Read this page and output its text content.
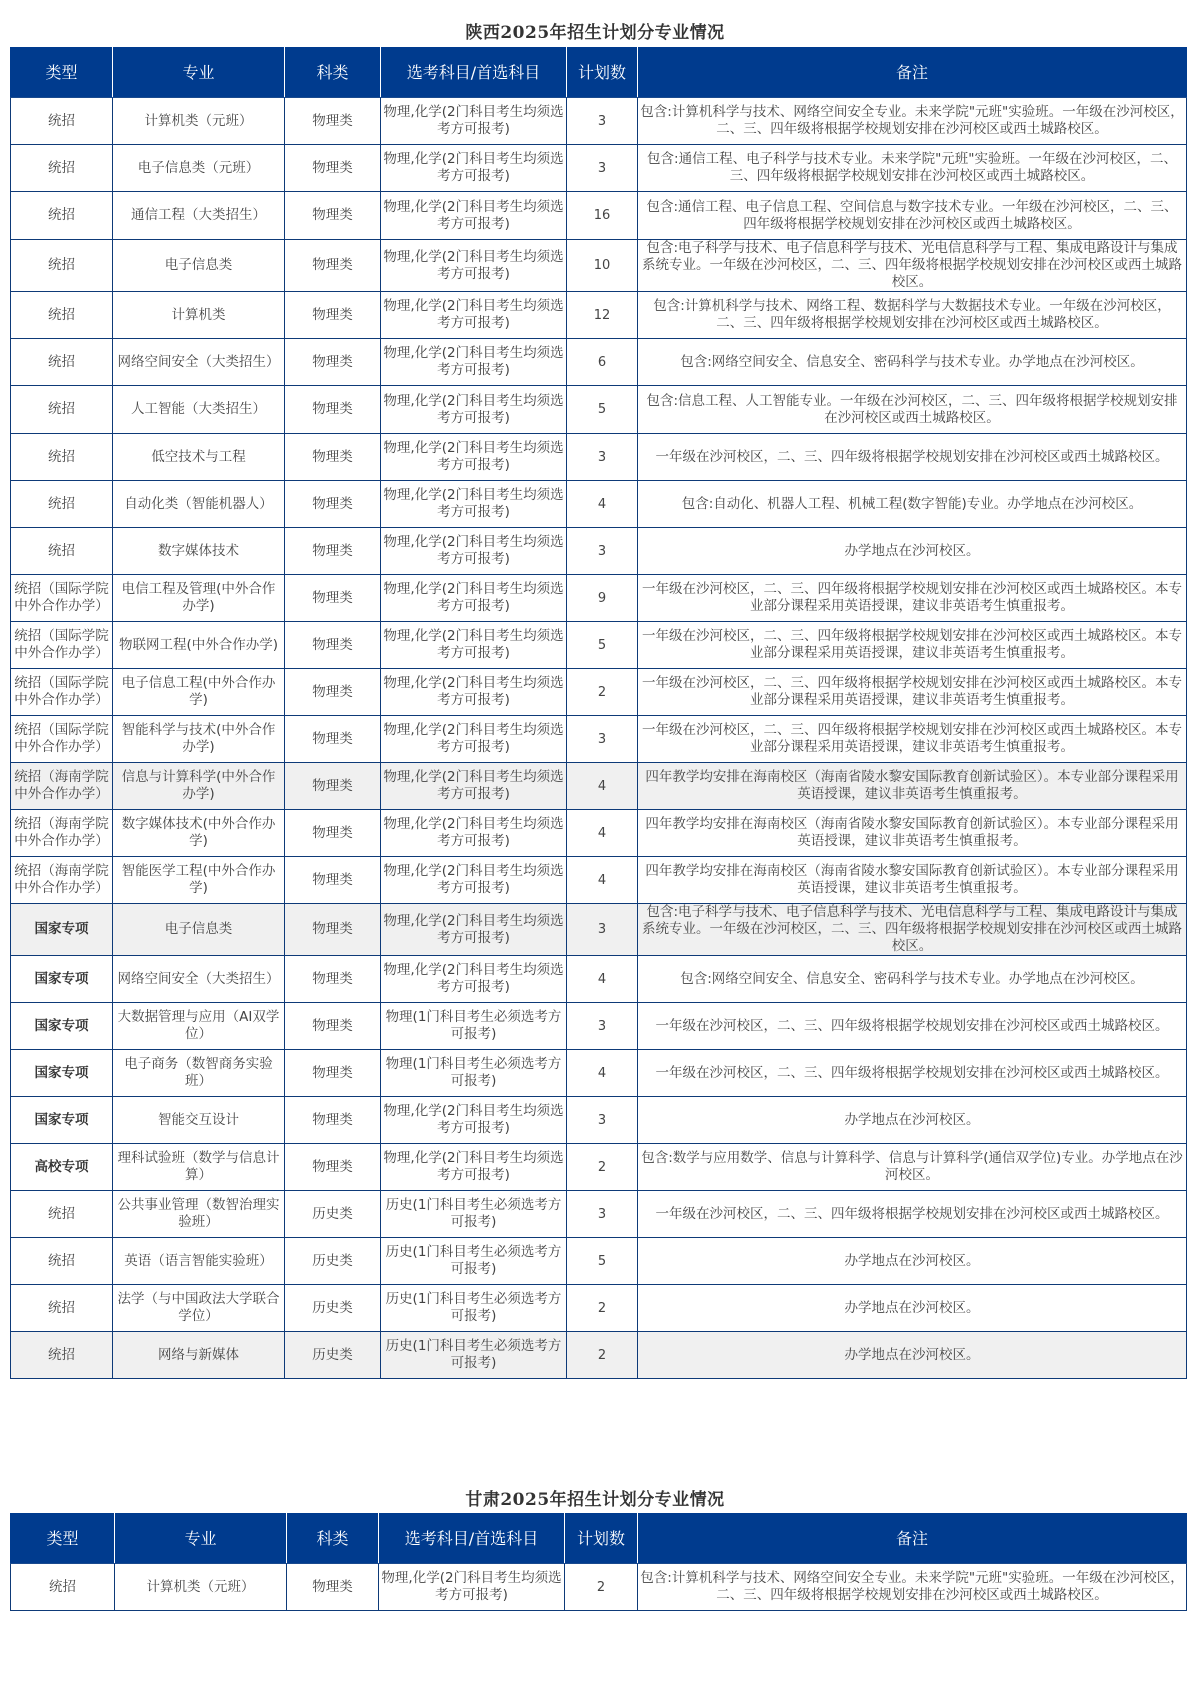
陕西2025年招生计划分专业情况
类型	专业	科类	选考科目/首选科目	计划数	备注
统招	计算机类（元班）	物理类	物理,化学(2门科目考生均须选考方可报考)	3	包含:计算机科学与技术、网络空间安全专业。未来学院"元班"实验班。一年级在沙河校区，二、三、四年级将根据学校规划安排在沙河校区或西土城路校区。
统招	电子信息类（元班）	物理类	物理,化学(2门科目考生均须选考方可报考)	3	包含:通信工程、电子科学与技术专业。未来学院"元班"实验班。一年级在沙河校区，二、三、四年级将根据学校规划安排在沙河校区或西土城路校区。
统招	通信工程（大类招生）	物理类	物理,化学(2门科目考生均须选考方可报考)	16	包含:通信工程、电子信息工程、空间信息与数字技术专业。一年级在沙河校区，二、三、四年级将根据学校规划安排在沙河校区或西土城路校区。
统招	电子信息类	物理类	物理,化学(2门科目考生均须选考方可报考)	10	包含:电子科学与技术、电子信息科学与技术、光电信息科学与工程、集成电路设计与集成系统专业。一年级在沙河校区，二、三、四年级将根据学校规划安排在沙河校区或西土城路校区。
统招	计算机类	物理类	物理,化学(2门科目考生均须选考方可报考)	12	包含:计算机科学与技术、网络工程、数据科学与大数据技术专业。一年级在沙河校区，二、三、四年级将根据学校规划安排在沙河校区或西土城路校区。
统招	网络空间安全（大类招生）	物理类	物理,化学(2门科目考生均须选考方可报考)	6	包含:网络空间安全、信息安全、密码科学与技术专业。办学地点在沙河校区。
统招	人工智能（大类招生）	物理类	物理,化学(2门科目考生均须选考方可报考)	5	包含:信息工程、人工智能专业。一年级在沙河校区，二、三、四年级将根据学校规划安排在沙河校区或西土城路校区。
统招	低空技术与工程	物理类	物理,化学(2门科目考生均须选考方可报考)	3	一年级在沙河校区，二、三、四年级将根据学校规划安排在沙河校区或西土城路校区。
统招	自动化类（智能机器人）	物理类	物理,化学(2门科目考生均须选考方可报考)	4	包含:自动化、机器人工程、机械工程(数字智能)专业。办学地点在沙河校区。
统招	数字媒体技术	物理类	物理,化学(2门科目考生均须选考方可报考)	3	办学地点在沙河校区。
统招（国际学院中外合作办学）	电信工程及管理(中外合作办学)	物理类	物理,化学(2门科目考生均须选考方可报考)	9	一年级在沙河校区，二、三、四年级将根据学校规划安排在沙河校区或西土城路校区。本专业部分课程采用英语授课，建议非英语考生慎重报考。
统招（国际学院中外合作办学）	物联网工程(中外合作办学)	物理类	物理,化学(2门科目考生均须选考方可报考)	5	一年级在沙河校区，二、三、四年级将根据学校规划安排在沙河校区或西土城路校区。本专业部分课程采用英语授课，建议非英语考生慎重报考。
统招（国际学院中外合作办学）	电子信息工程(中外合作办学)	物理类	物理,化学(2门科目考生均须选考方可报考)	2	一年级在沙河校区，二、三、四年级将根据学校规划安排在沙河校区或西土城路校区。本专业部分课程采用英语授课，建议非英语考生慎重报考。
统招（国际学院中外合作办学）	智能科学与技术(中外合作办学)	物理类	物理,化学(2门科目考生均须选考方可报考)	3	一年级在沙河校区，二、三、四年级将根据学校规划安排在沙河校区或西土城路校区。本专业部分课程采用英语授课，建议非英语考生慎重报考。
统招（海南学院中外合作办学）	信息与计算科学(中外合作办学)	物理类	物理,化学(2门科目考生均须选考方可报考)	4	四年教学均安排在海南校区（海南省陵水黎安国际教育创新试验区）。本专业部分课程采用英语授课，建议非英语考生慎重报考。
统招（海南学院中外合作办学）	数字媒体技术(中外合作办学)	物理类	物理,化学(2门科目考生均须选考方可报考)	4	四年教学均安排在海南校区（海南省陵水黎安国际教育创新试验区）。本专业部分课程采用英语授课，建议非英语考生慎重报考。
统招（海南学院中外合作办学）	智能医学工程(中外合作办学)	物理类	物理,化学(2门科目考生均须选考方可报考)	4	四年教学均安排在海南校区（海南省陵水黎安国际教育创新试验区）。本专业部分课程采用英语授课，建议非英语考生慎重报考。
国家专项	电子信息类	物理类	物理,化学(2门科目考生均须选考方可报考)	3	包含:电子科学与技术、电子信息科学与技术、光电信息科学与工程、集成电路设计与集成系统专业。一年级在沙河校区，二、三、四年级将根据学校规划安排在沙河校区或西土城路校区。
国家专项	网络空间安全（大类招生）	物理类	物理,化学(2门科目考生均须选考方可报考)	4	包含:网络空间安全、信息安全、密码科学与技术专业。办学地点在沙河校区。
国家专项	大数据管理与应用（AI双学位）	物理类	物理(1门科目考生必须选考方可报考)	3	一年级在沙河校区，二、三、四年级将根据学校规划安排在沙河校区或西土城路校区。
国家专项	电子商务（数智商务实验班）	物理类	物理(1门科目考生必须选考方可报考)	4	一年级在沙河校区，二、三、四年级将根据学校规划安排在沙河校区或西土城路校区。
国家专项	智能交互设计	物理类	物理,化学(2门科目考生均须选考方可报考)	3	办学地点在沙河校区。
高校专项	理科试验班（数学与信息计算）	物理类	物理,化学(2门科目考生均须选考方可报考)	2	包含:数学与应用数学、信息与计算科学、信息与计算科学(通信双学位)专业。办学地点在沙河校区。
统招	公共事业管理（数智治理实验班）	历史类	历史(1门科目考生必须选考方可报考)	3	一年级在沙河校区，二、三、四年级将根据学校规划安排在沙河校区或西土城路校区。
统招	英语（语言智能实验班）	历史类	历史(1门科目考生必须选考方可报考)	5	办学地点在沙河校区。
统招	法学（与中国政法大学联合学位）	历史类	历史(1门科目考生必须选考方可报考)	2	办学地点在沙河校区。
统招	网络与新媒体	历史类	历史(1门科目考生必须选考方可报考)	2	办学地点在沙河校区。
甘肃2025年招生计划分专业情况
类型	专业	科类	选考科目/首选科目	计划数	备注
统招	计算机类（元班）	物理类	物理,化学(2门科目考生均须选考方可报考)	2	包含:计算机科学与技术、网络空间安全专业。未来学院"元班"实验班。一年级在沙河校区，二、三、四年级将根据学校规划安排在沙河校区或西土城路校区。
